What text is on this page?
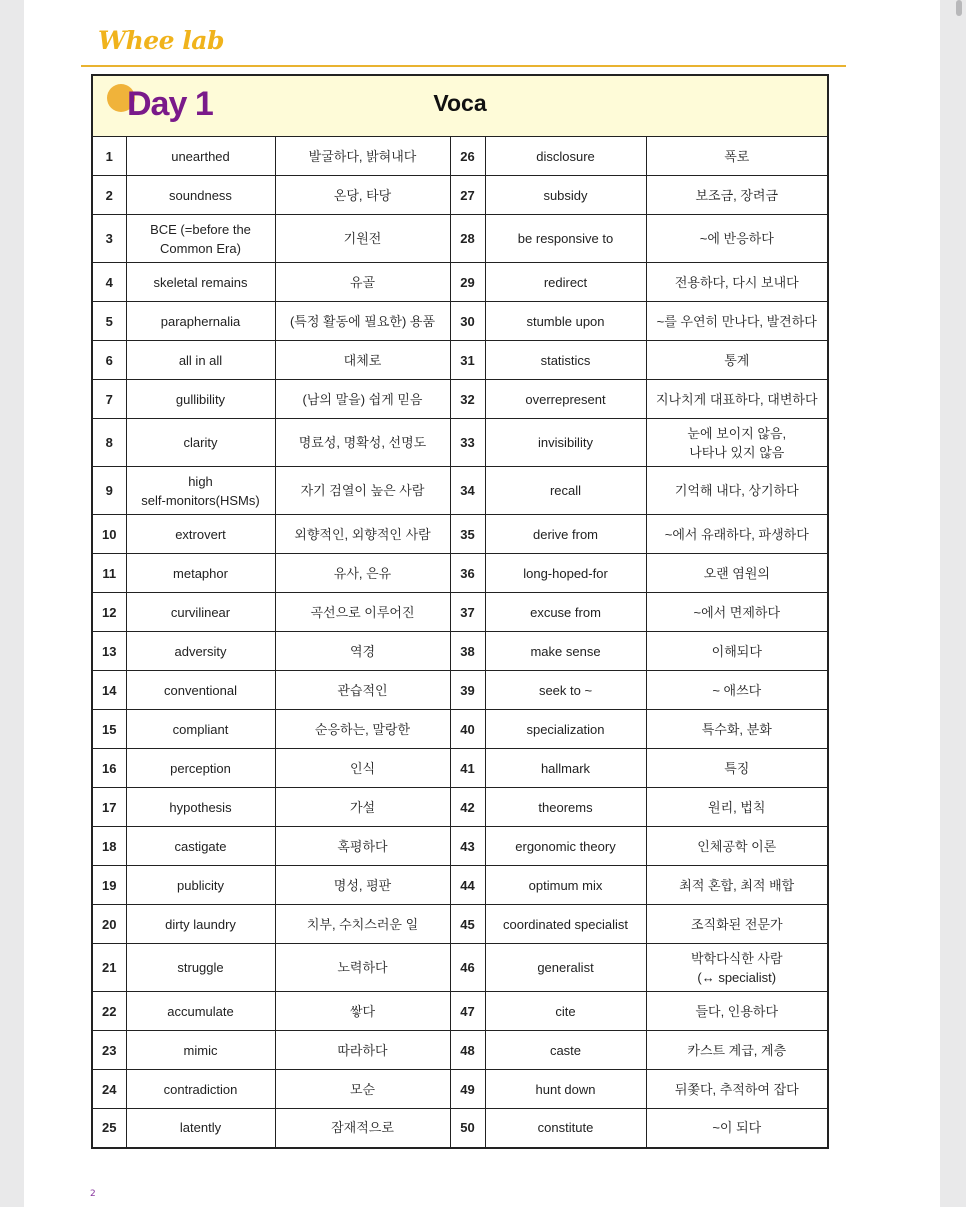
Whee lab
Day 1 Voca					

1	unearthed	발굴하다, 밝혀내다	26	disclosure	폭로
2	soundness	온당, 타당	27	subsidy	보조금, 장려금
3	BCE (=before the
Common Era)	기원전	28	be responsive to	~에 반응하다
4	skeletal remains	유골	29	redirect	전용하다, 다시 보내다
5	paraphernalia	(특정 활동에 필요한) 용품	30	stumble upon	~를 우연히 만나다, 발견하다
6	all in all	대체로	31	statistics	통계
7	gullibility	(남의 말을) 쉽게 믿음	32	overrepresent	지나치게 대표하다, 대변하다
8	clarity	명료성, 명확성, 선명도	33	invisibility	눈에 보이지 않음,
나타나 있지 않음
9	high
self-monitors(HSMs)	자기 검열이 높은 사람	34	recall	기억해 내다, 상기하다
10	extrovert	외향적인, 외향적인 사람	35	derive from	~에서 유래하다, 파생하다
11	metaphor	유사, 은유	36	long-hoped-for	오랜 염원의
12	curvilinear	곡선으로 이루어진	37	excuse from	~에서 면제하다
13	adversity	역경	38	make sense	이해되다
14	conventional	관습적인	39	seek to ~	~ 애쓰다
15	compliant	순응하는, 말랑한	40	specialization	특수화, 분화
16	perception	인식	41	hallmark	특징
17	hypothesis	가설	42	theorems	원리, 법칙
18	castigate	혹평하다	43	ergonomic theory	인체공학 이론
19	publicity	명성, 평판	44	optimum mix	최적 혼합, 최적 배합
20	dirty laundry	치부, 수치스러운 일	45	coordinated specialist	조직화된 전문가
21	struggle	노력하다	46	generalist	박학다식한 사람
(↔ specialist)
22	accumulate	쌓다	47	cite	들다, 인용하다
23	mimic	따라하다	48	caste	카스트 계급, 계층
24	contradiction	모순	49	hunt down	뒤쫓다, 추적하여 잡다
25	latently	잠재적으로	50	constitute	~이 되다
2
